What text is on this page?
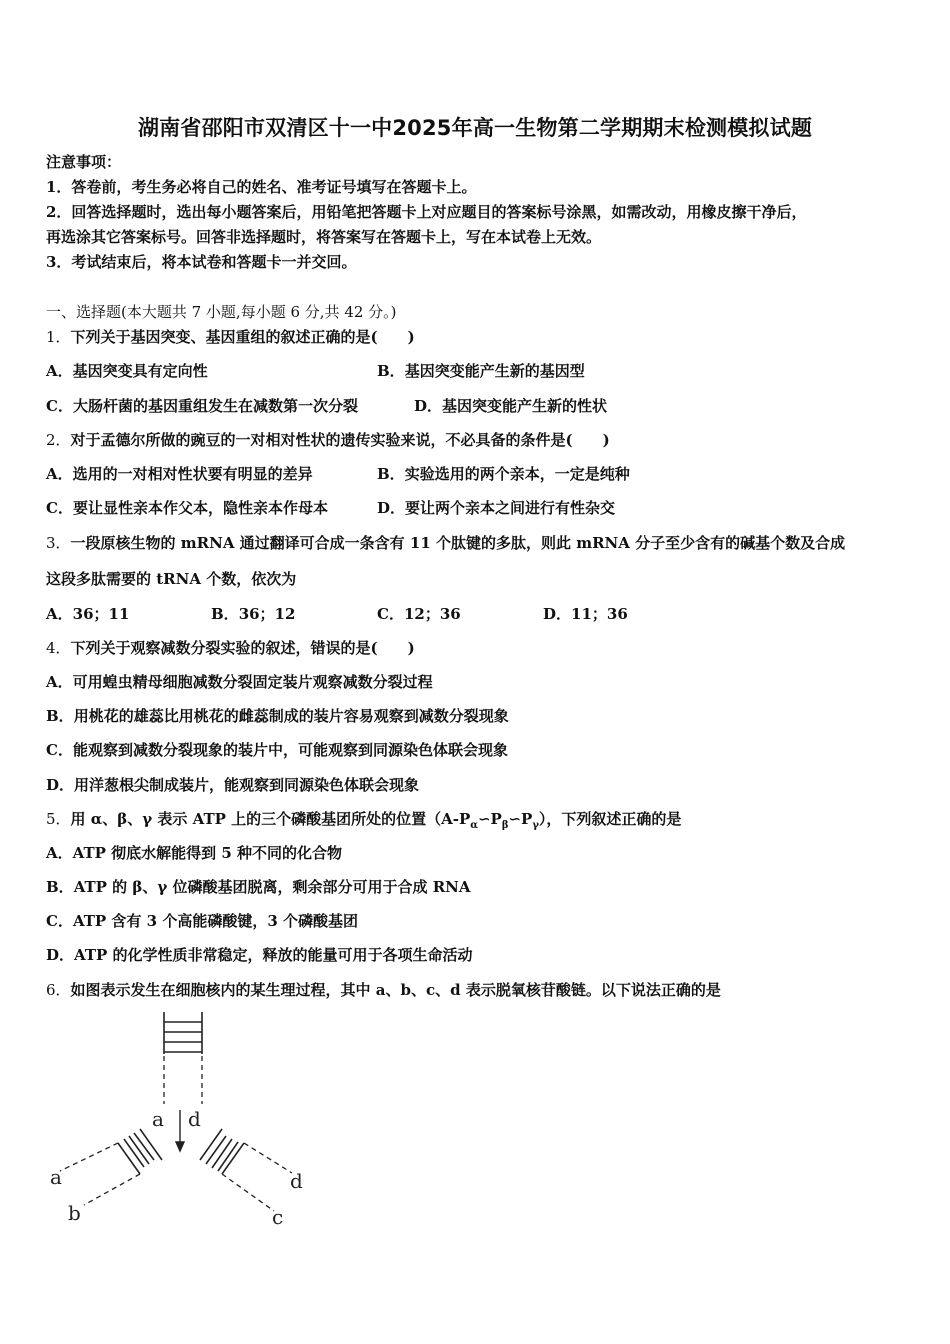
湖南省邵阳市双清区十一中2025年高一生物第二学期期末检测模拟试题
注意事项：
1．答卷前，考生务必将自己的姓名、准考证号填写在答题卡上。
2．回答选择题时，选出每小题答案后，用铅笔把答题卡上对应题目的答案标号涂黑，如需改动，用橡皮擦干净后，
再选涂其它答案标号。回答非选择题时，将答案写在答题卡上，写在本试卷上无效。
3．考试结束后，将本试卷和答题卡一并交回。
一、选择题(本大题共 7 小题,每小题 6 分,共 42 分。)
1．下列关于基因突变、基因重组的叙述正确的是(　　)
A．基因突变具有定向性	B．基因突变能产生新的基因型
C．大肠杆菌的基因重组发生在减数第一次分裂	D．基因突变能产生新的性状
2．对于孟德尔所做的豌豆的一对相对性状的遗传实验来说，不必具备的条件是(　　)
A．选用的一对相对性状要有明显的差异	B．实验选用的两个亲本，一定是纯种
C．要让显性亲本作父本，隐性亲本作母本	D．要让两个亲本之间进行有性杂交
3．一段原核生物的 mRNA 通过翻译可合成一条含有 11 个肽键的多肽，则此 mRNA 分子至少含有的碱基个数及合成
这段多肽需要的 tRNA 个数，依次为
A．36；11	B．36；12	C．12；36	D．11；36
4．下列关于观察减数分裂实验的叙述，错误的是(　　)
A．可用蝗虫精母细胞减数分裂固定装片观察减数分裂过程
B．用桃花的雄蕊比用桃花的雌蕊制成的装片容易观察到减数分裂现象
C．能观察到减数分裂现象的装片中，可能观察到同源染色体联会现象
D．用洋葱根尖制成装片，能观察到同源染色体联会现象
5．用 α、β、γ 表示 ATP 上的三个磷酸基团所处的位置$(A-P_\alpha∽P_\beta∽P_\gamma)$，下列叙述正确的是
A．ATP 彻底水解能得到 5 种不同的化合物
B．ATP 的 β、γ 位磷酸基团脱离，剩余部分可用于合成 RNA
C．ATP 含有 3 个高能磷酸键，3 个磷酸基团
D．ATP 的化学性质非常稳定，释放的能量可用于各项生命活动
6．如图表示发生在细胞核内的某生理过程，其中 a、b、c、d 表示脱氧核苷酸链。以下说法正确的是
a d
a
b
d
c
